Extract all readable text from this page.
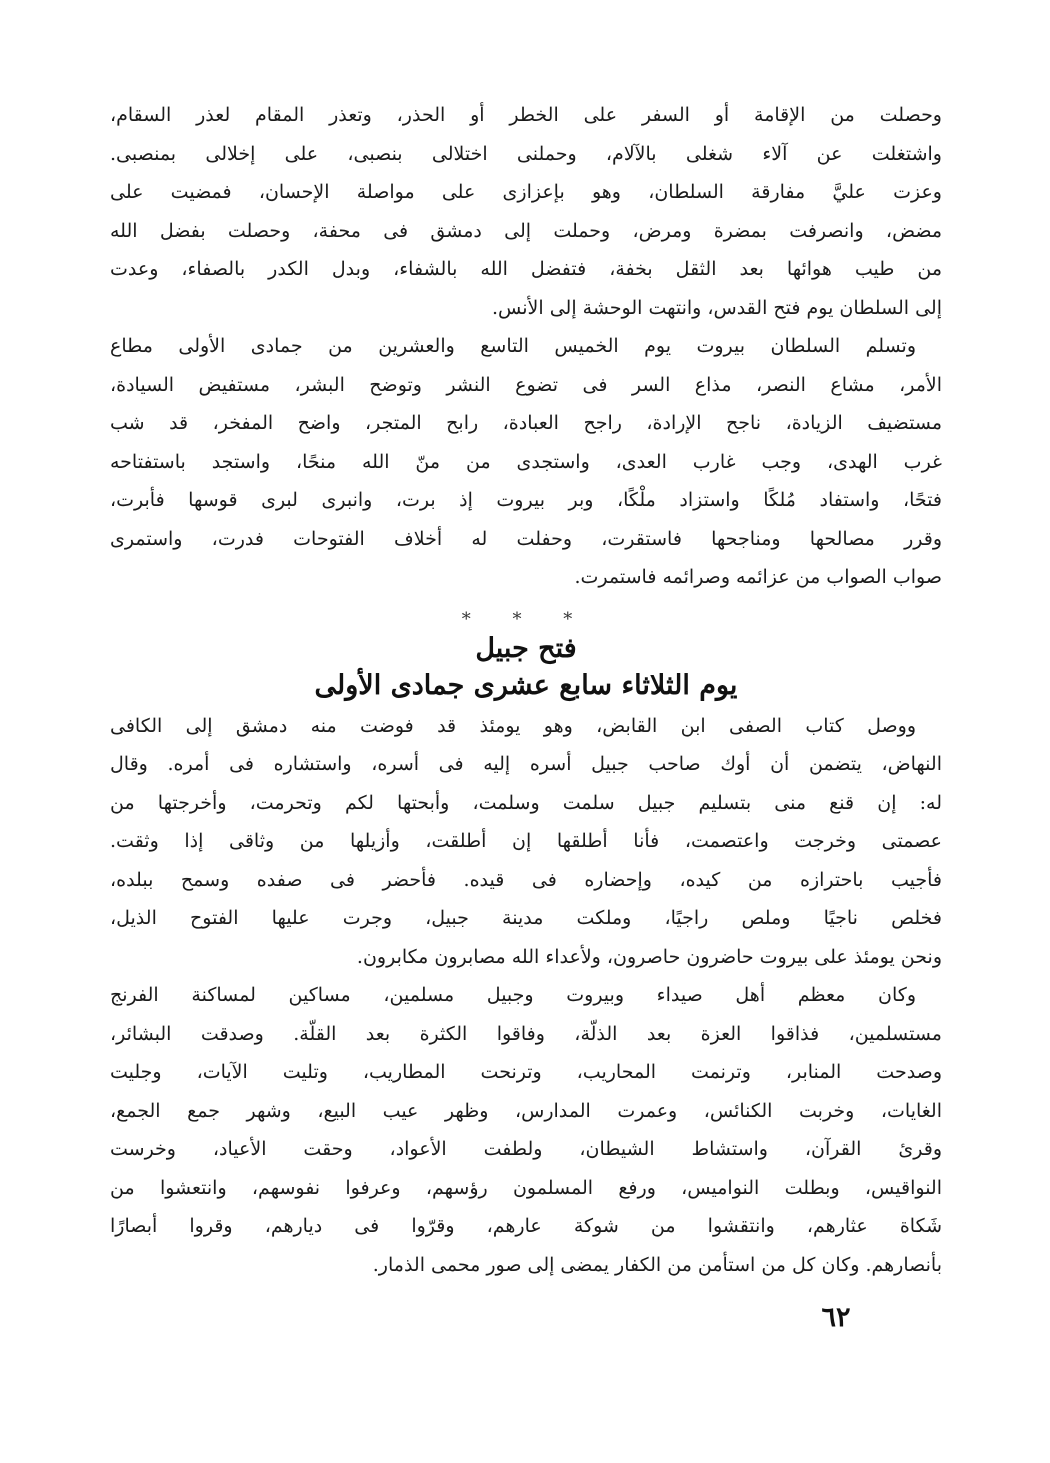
وحصلت من الإقامة أو السفر على الخطر أو الحذر، وتعذر المقام لعذر السقام،
واشتغلت عن آلاء شغلى بالآلام، وحملنى اختلالى بنصبى، على إخلالى بمنصبى.
وعزت عليَّ مفارقة السلطان، وهو بإعزازى على مواصلة الإحسان، فمضيت على
مضض، وانصرفت بمضرة ومرض، وحملت إلى دمشق فى محفة، وحصلت بفضل الله
من طيب هوائها بعد الثقل بخفة، فتفضل الله بالشفاء، وبدل الكدر بالصفاء، وعدت
إلى السلطان يوم فتح القدس، وانتهت الوحشة إلى الأنس.
وتسلم السلطان بيروت يوم الخميس التاسع والعشرين من جمادى الأولى مطاع
الأمر، مشاع النصر، مذاع السر فى تضوع النشر وتوضح البشر، مستفيض السيادة،
مستضيف الزيادة، ناجح الإرادة، راجح العبادة، رابح المتجر، واضح المفخر، قد شب
غرب الهدى، وجب غارب العدى، واستجدى من منّ الله منحًا، واستجد باستفتاحه
فتحًا، واستفاد مُلكًا واستزاد ملْكًا، وبر بيروت إذ برت، وانبرى لبرى قوسها فأبرت،
وقرر مصالحها ومناجحها فاستقرت، وحفلت له أخلاف الفتوحات فدرت، واستمرى
صواب الصواب من عزائمه وصرائمه فاستمرت.
* * *
فتح جبيل
يوم الثلاثاء سابع عشرى جمادى الأولى
ووصل كتاب الصفى ابن القابض، وهو يومئذ قد فوضت منه دمشق إلى الكافى
النهاض، يتضمن أن أوك صاحب جبيل أسره إليه فى أسره، واستشاره فى أمره. وقال
له: إن قنع منى بتسليم جبيل سلمت وسلمت، وأبحتها لكم وتحرمت، وأخرجتها من
عصمتى وخرجت واعتصمت، فأنا أطلقها إن أطلقت، وأزيلها من وثاقى إذا وثقت.
فأجيب باحترازه من كيده، وإحضاره فى قيده. فأحضر فى صفده وسمح ببلده،
فخلص ناجيًا وملص راجيًا، وملكت مدينة جبيل، وجرت عليها الفتوح الذيل،
ونحن يومئذ على بيروت حاضرون حاصرون، ولأعداء الله مصابرون مكابرون.
وكان معظم أهل صيداء وبيروت وجبيل مسلمين، مساكين لمساكنة الفرنج
مستسلمين، فذاقوا العزة بعد الذلّة، وفاقوا الكثرة بعد القلّة. وصدقت البشائر،
وصدحت المنابر، وترنمت المحاريب، وترنحت المطاريب، وتليت الآيات، وجليت
الغايات، وخربت الكنائس، وعمرت المدارس، وظهر عيب البيع، وشهر جمع الجمع،
وقرئ القرآن، واستشاط الشيطان، ولطفت الأعواد، وحقت الأعياد، وخرست
النواقيس، وبطلت النواميس، ورفع المسلمون رؤسهم، وعرفوا نفوسهم، وانتعشوا من
شَكاة عثارهم، وانتقشوا من شوكة عارهم، وقرّوا فى ديارهم، وقروا أبصارًا
بأنصارهم. وكان كل من استأمن من الكفار يمضى إلى صور محمى الذمار.
٦٢
